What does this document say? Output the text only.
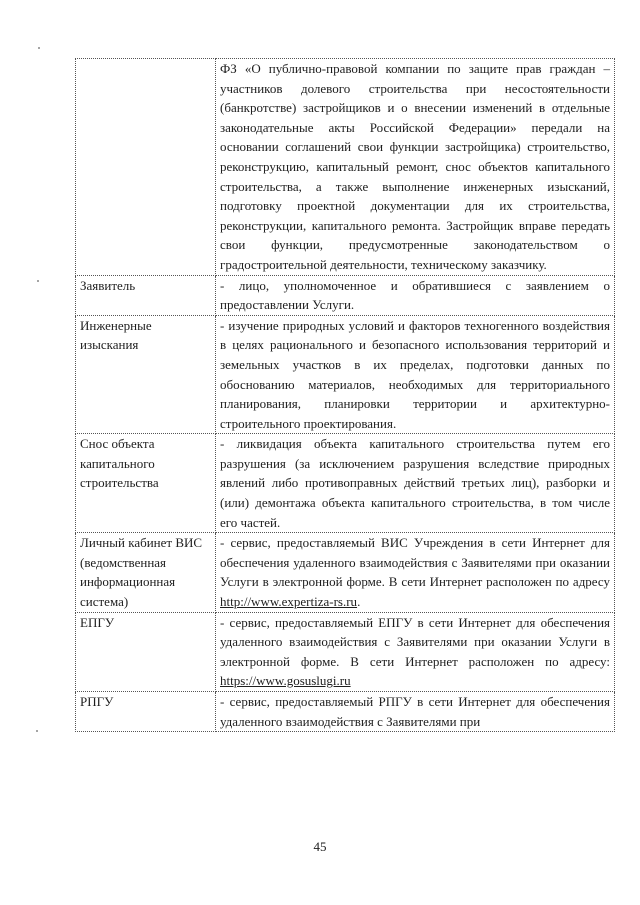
	ФЗ «О публично-правовой компании по защите прав граждан – участников долевого строительства при несостоятельности (банкротстве) застройщиков и о внесении изменений в отдельные законодательные акты Российской Федерации» передали на основании соглашений свои функции застройщика) строительство, реконструкцию, капитальный ремонт, снос объектов капитального строительства, а также выполнение инженерных изысканий, подготовку проектной документации для их строительства, реконструкции, капитального ремонта. Застройщик вправе передать свои функции, предусмотренные законодательством о градостроительной деятельности, техническому заказчику.
Заявитель	- лицо, уполномоченное и обратившиеся с заявлением о предоставлении Услуги.
Инженерные изыскания	- изучение природных условий и факторов техногенного воздействия в целях рационального и безопасного использования территорий и земельных участков в их пределах, подготовки данных по обоснованию материалов, необходимых для территориального планирования, планировки территории и архитектурно-строительного проектирования.
Снос объекта капитального строительства	- ликвидация объекта капитального строительства путем его разрушения (за исключением разрушения вследствие природных явлений либо противоправных действий третьих лиц), разборки и (или) демонтажа объекта капитального строительства, в том числе его частей.
Личный кабинет ВИС (ведомственная информационная система)	- сервис, предоставляемый ВИС Учреждения в сети Интернет для обеспечения удаленного взаимодействия с Заявителями при оказании Услуги в электронной форме. В сети Интернет расположен по адресу http://www.expertiza-rs.ru.
ЕПГУ	- сервис, предоставляемый ЕПГУ в сети Интернет для обеспечения удаленного взаимодействия с Заявителями при оказании Услуги в электронной форме. В сети Интернет расположен по адресу: https://www.gosuslugi.ru
РПГУ	- сервис, предоставляемый РПГУ в сети Интернет для обеспечения удаленного взаимодействия с Заявителями при
45
